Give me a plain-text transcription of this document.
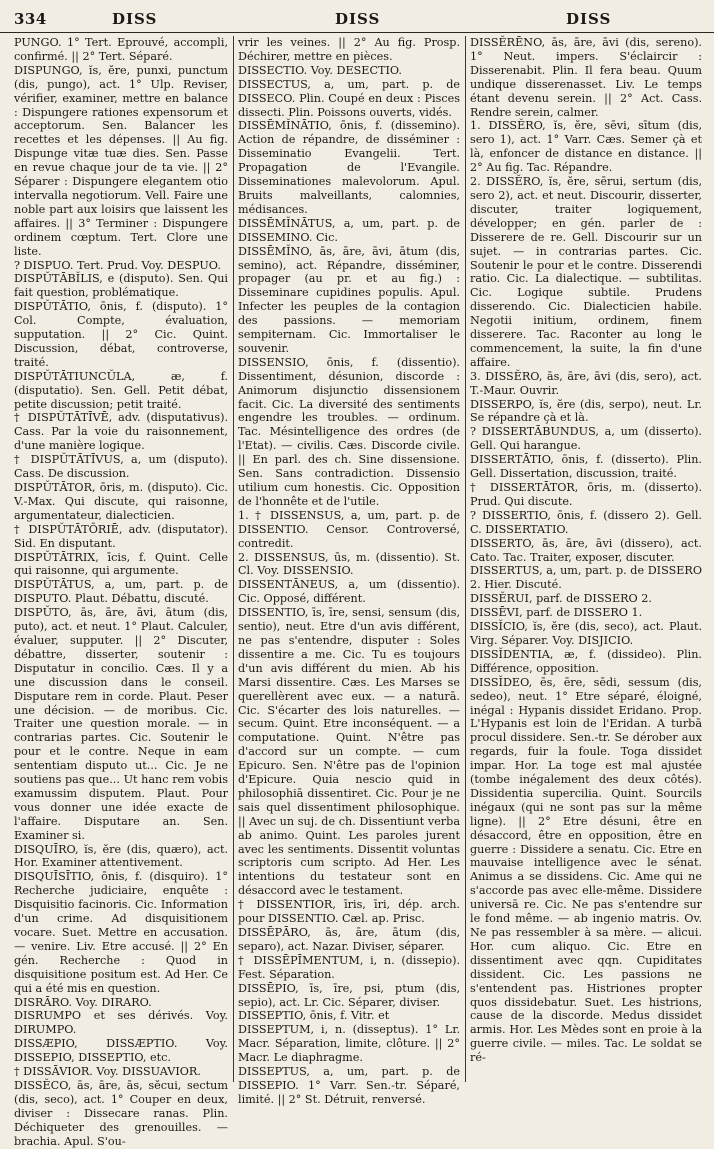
334	DISS	DISS	DISS

PUNGO. 1° Tert. Eprouvé, accompli, confirmé. || 2° Tert. Séparé.

DISPUNGO, ĭs, ĕre, punxi, punctum (dis, pungo), act. 1° Ulp. Reviser, vérifier, examiner, mettre en balance : Dispungere rationes expensorum et acceptorum. Sen. Balancer les recettes et les dépenses. || Au fig. Dispunge vitæ tuæ dies. Sen. Passe en revue chaque jour de ta vie. || 2° Séparer : Dispungere elegantem otio intervalla negotiorum. Vell. Faire une noble part aux loisirs que laissent les affaires. || 3° Terminer : Dispungere ordinem cœptum. Tert. Clore une liste.

? DISPUO. Tert. Prud. Voy. DESPUO.

DISPŬTĀBĬLIS, e (disputo). Sen. Qui fait question, problématique.

DISPŬTĀTIO, ōnis, f. (disputo). 1° Col. Compte, évaluation, supputation. || 2° Cic. Quint. Discussion, débat, controverse, traité.

DISPŬTĀTIUNCŬLA, æ, f. (disputatio). Sen. Gell. Petit débat, petite discussion; petit traité.

† DISPŬTĀTĪVĒ, adv. (disputativus). Cass. Par la voie du raisonnement, d'une manière logique.

† DISPŬTĀTĪVUS, a, um (disputo). Cass. De discussion.

DISPŬTĀTOR, ōris, m. (disputo). Cic. V.-Max. Qui discute, qui raisonne, argumentateur, dialecticien.

† DISPŬTĀTŌRIĒ, adv. (disputator). Sid. En disputant.

DISPŬTĀTRIX, īcis, f. Quint. Celle qui raisonne, qui argumente.

DISPŬTĀTUS, a, um, part. p. de DISPUTO. Plaut. Débattu, discuté.

DISPŬTO, ās, āre, āvi, ātum (dis, puto), act. et neut. 1° Plaut. Calculer, évaluer, supputer. || 2° Discuter, débattre, disserter, soutenir : Disputatur in concilio. Cæs. Il y a une discussion dans le conseil. Disputare rem in corde. Plaut. Peser une décision. — de moribus. Cic. Traiter une question morale. — in contrarias partes. Cic. Soutenir le pour et le contre. Neque in eam sententiam disputo ut... Cic. Je ne soutiens pas que... Ut hanc rem vobis examussim disputem. Plaut. Pour vous donner une idée exacte de l'affaire. Disputare an. Sen. Examiner si.

DISQUĪRO, ĭs, ĕre (dis, quæro), act. Hor. Examiner attentivement.

DISQUĪSĪTIO, ōnis, f. (disquiro). 1° Recherche judiciaire, enquête : Disquisitio facinoris. Cic. Information d'un crime. Ad disquisitionem vocare. Suet. Mettre en accusation. — venire. Liv. Etre accusé. || 2° En gén. Recherche : Quod in disquisitione positum est. Ad Her. Ce qui a été mis en question.

DISRĀRO. Voy. DIRARO.

DISRUMPO et ses dérivés. Voy. DIRUMPO.

DISSÆPIO, DISSÆPTIO. Voy. DISSEPIO, DISSEPTIO, etc.

† DISSĀVIOR. Voy. DISSUAVIOR.

DISSĔCO, ās, āre, ās, sĕcui, sectum (dis, seco), act. 1° Couper en deux, diviser : Dissecare ranas. Plin. Déchiqueter des grenouilles. — brachia. Apul. S'ou-

vrir les veines. || 2° Au fig. Prosp. Déchirer, mettre en pièces.

DISSECTIO. Voy. DESECTIO.

DISSECTUS, a, um, part. p. de DISSECO. Plin. Coupé en deux : Pisces dissecti. Plin. Poissons ouverts, vidés.

DISSĒMĬNĀTIO, ōnis, f. (dissemino). Action de répandre, de disséminer : Disseminatio Evangelii. Tert. Propagation de l'Evangile. Disseminationes malevolorum. Apul. Bruits malveillants, calomnies, médisances.

DISSĒMĬNĀTUS, a, um, part. p. de DISSEMINO. Cic.

DISSĒMĬNO, ās, āre, āvi, ātum (dis, semino), act. Répandre, disséminer, propager (au pr. et au fig.) : Disseminare cupidines populis. Apul. Infecter les peuples de la contagion des passions. — memoriam sempiternam. Cic. Immortaliser le souvenir.

DISSENSIO, ōnis, f. (dissentio). Dissentiment, désunion, discorde : Animorum disjunctio dissensionem facit. Cic. La diversité des sentiments engendre les troubles. — ordinum. Tac. Mésintelligence des ordres (de l'Etat). — civilis. Cæs. Discorde civile. || En parl. des ch. Sine dissensione. Sen. Sans contradiction. Dissensio utilium cum honestis. Cic. Opposition de l'honnête et de l'utile.

1. † DISSENSUS, a, um, part. p. de DISSENTIO. Censor. Controversé, contredit.

2. DISSENSUS, ūs, m. (dissentio). St. Cl. Voy. DISSENSIO.

DISSENTĀNEUS, a, um (dissentio). Cic. Opposé, différent.

DISSENTIO, īs, īre, sensi, sensum (dis, sentio), neut. Etre d'un avis différent, ne pas s'entendre, disputer : Soles dissentire a me. Cic. Tu es toujours d'un avis différent du mien. Ab his Marsi dissentire. Cæs. Les Marses se querellèrent avec eux. — a naturā. Cic. S'écarter des lois naturelles. — secum. Quint. Etre inconséquent. — a computatione. Quint. N'être pas d'accord sur un compte. — cum Epicuro. Sen. N'être pas de l'opinion d'Epicure. Quia nescio quid in philosophiā dissentiret. Cic. Pour je ne sais quel dissentiment philosophique. || Avec un suj. de ch. Dissentiunt verba ab animo. Quint. Les paroles jurent avec les sentiments. Dissentit voluntas scriptoris cum scripto. Ad Her. Les intentions du testateur sont en désaccord avec le testament.

† DISSENTIOR, īris, īri, dép. arch. pour DISSENTIO. Cæl. ap. Prisc.

DISSĒPĀRO, ās, āre, ātum (dis, separo), act. Nazar. Diviser, séparer.

† DISSĒPĪMENTUM, i, n. (dissepio). Fest. Séparation.

DISSĒPIO, īs, īre, psi, ptum (dis, sepio), act. Lr. Cic. Séparer, diviser.

DISSEPTIO, ōnis, f. Vitr. et

DISSEPTUM, i, n. (disseptus). 1° Lr. Macr. Séparation, limite, clôture. || 2° Macr. Le diaphragme.

DISSEPTUS, a, um, part. p. de DISSEPIO. 1° Varr. Sen.-tr. Séparé, limité. || 2° St. Détruit, renversé.

DISSĔRĒNO, ās, āre, āvi (dis, sereno). 1° Neut. impers. S'éclaircir : Disserenabit. Plin. Il fera beau. Quum undique disserenasset. Liv. Le temps étant devenu serein. || 2° Act. Cass. Rendre serein, calmer.

1. DISSĔRO, ĭs, ĕre, sēvi, sītum (dis, sero 1), act. 1° Varr. Cæs. Semer çà et là, enfoncer de distance en distance. || 2° Au fig. Tac. Répandre.

2. DISSĔRO, ĭs, ĕre, sērui, sertum (dis, sero 2), act. et neut. Discourir, disserter, discuter, traiter logiquement, développer; en gén. parler de : Disserere de re. Gell. Discourir sur un sujet. — in contrarias partes. Cic. Soutenir le pour et le contre. Disserendi ratio. Cic. La dialectique. — subtilitas. Cic. Logique subtile. Prudens disserendo. Cic. Dialecticien habile. Negotii initium, ordinem, finem disserere. Tac. Raconter au long le commencement, la suite, la fin d'une affaire.

3. DISSĔRO, ās, āre, āvi (dis, sero), act. T.-Maur. Ouvrir.

DISSERPO, ĭs, ĕre (dis, serpo), neut. Lr. Se répandre çà et là.

? DISSERTĀBUNDUS, a, um (disserto). Gell. Qui harangue.

DISSERTĀTIO, ōnis, f. (disserto). Plin. Gell. Dissertation, discussion, traité.

† DISSERTĀTOR, ōris, m. (disserto). Prud. Qui discute.

? DISSERTIO, ōnis, f. (dissero 2). Gell. C. DISSERTATIO.

DISSERTO, ās, āre, āvi (dissero), act. Cato. Tac. Traiter, exposer, discuter.

DISSERTUS, a, um, part. p. de DISSERO 2. Hier. Discuté.

DISSĔRUI, parf. de DISSERO 2.

DISSĒVI, parf. de DISSERO 1.

DISSĬCIO, ĭs, ĕre (dis, seco), act. Plaut. Virg. Séparer. Voy. DISJICIO.

DISSĬDENTIA, æ, f. (dissideo). Plin. Différence, opposition.

DISSĬDEO, ēs, ēre, sēdi, sessum (dis, sedeo), neut. 1° Etre séparé, éloigné, inégal : Hypanis dissidet Eridano. Prop. L'Hypanis est loin de l'Eridan. A turbā procul dissidere. Sen.-tr. Se dérober aux regards, fuir la foule. Toga dissidet impar. Hor. La toge est mal ajustée (tombe inégalement des deux côtés). Dissidentia supercilia. Quint. Sourcils inégaux (qui ne sont pas sur la même ligne). || 2° Etre désuni, être en désaccord, être en opposition, être en guerre : Dissidere a senatu. Cic. Etre en mauvaise intelligence avec le sénat. Animus a se dissidens. Cic. Ame qui ne s'accorde pas avec elle-même. Dissidere universā re. Cic. Ne pas s'entendre sur le fond même. — ab ingenio matris. Ov. Ne pas ressembler à sa mère. — alicui. Hor. cum aliquo. Cic. Etre en dissentiment avec qqn. Cupiditates dissident. Cic. Les passions ne s'entendent pas. Histriones propter quos dissidebatur. Suet. Les histrions, cause de la discorde. Medus dissidet armis. Hor. Les Mèdes sont en proie à la guerre civile. — miles. Tac. Le soldat se ré-
